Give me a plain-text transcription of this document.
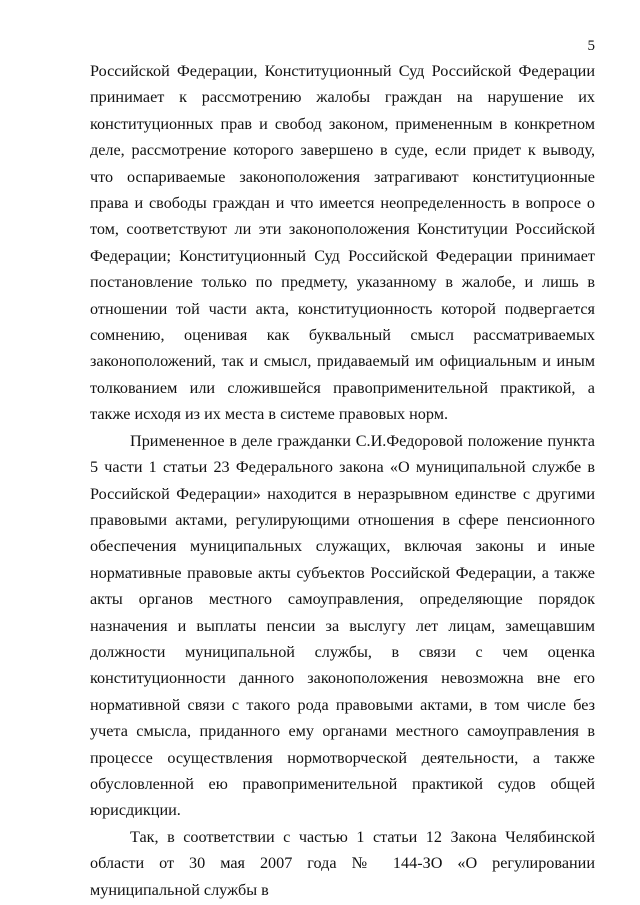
5

Российской Федерации, Конституционный Суд Российской Федерации принимает к рассмотрению жалобы граждан на нарушение их конституционных прав и свобод законом, примененным в конкретном деле, рассмотрение которого завершено в суде, если придет к выводу, что оспариваемые законоположения затрагивают конституционные права и свободы граждан и что имеется неопределенность в вопросе о том, соответствуют ли эти законоположения Конституции Российской Федерации; Конституционный Суд Российской Федерации принимает постановление только по предмету, указанному в жалобе, и лишь в отношении той части акта, конституционность которой подвергается сомнению, оценивая как буквальный смысл рассматриваемых законоположений, так и смысл, придаваемый им официальным и иным толкованием или сложившейся правоприменительной практикой, а также исходя из их места в системе правовых норм.

Примененное в деле гражданки С.И.Федоровой положение пункта 5 части 1 статьи 23 Федерального закона «О муниципальной службе в Российской Федерации» находится в неразрывном единстве с другими правовыми актами, регулирующими отношения в сфере пенсионного обеспечения муниципальных служащих, включая законы и иные нормативные правовые акты субъектов Российской Федерации, а также акты органов местного самоуправления, определяющие порядок назначения и выплаты пенсии за выслугу лет лицам, замещавшим должности муниципальной службы, в связи с чем оценка конституционности данного законоположения невозможна вне его нормативной связи с такого рода правовыми актами, в том числе без учета смысла, приданного ему органами местного самоуправления в процессе осуществления нормотворческой деятельности, а также обусловленной ею правоприменительной практикой судов общей юрисдикции.

Так, в соответствии с частью 1 статьи 12 Закона Челябинской области от 30 мая 2007 года № 144-ЗО «О регулировании муниципальной службы в
